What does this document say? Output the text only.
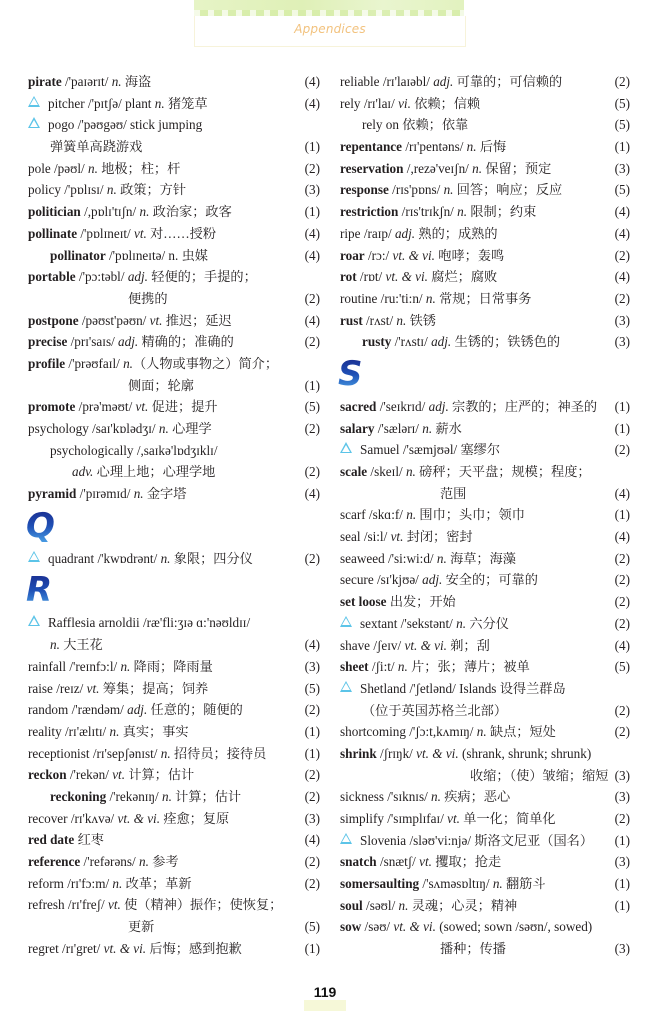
Appendices
pirate /'paɪərɪt/ n. 海盗	(4)
pitcher /'pɪtʃə/ plant n. 猪笼草	(4)
pogo /'pəʊgəʊ/ stick jumping
弹簧单高跷游戏	(1)
pole /pəʊl/ n. 地极；柱；杆	(2)
policy /'pɒlɪsɪ/ n. 政策；方针	(3)
politician /,pɒlɪ'tɪʃn/ n. 政治家；政客	(1)
pollinate /'pɒlɪneɪt/ vt. 对……授粉	(4)
pollinator /'pɒlɪneɪtə/ n. 虫媒	(4)
portable /'pɔ:təbl/ adj. 轻便的；手提的；
便携的	(2)
postpone /pəʊst'pəʊn/ vt. 推迟；延迟	(4)
precise /prɪ'saɪs/ adj. 精确的；准确的	(2)
profile /'prəʊfaɪl/ n.（人物或事物之）简介；
侧面；轮廓	(1)
promote /prə'məʊt/ vt. 促进；提升	(5)
psychology /saɪ'kɒlədʒɪ/ n. 心理学	(2)
psychologically /,saɪkə'lɒdʒɪklɪ/
adv. 心理上地；心理学地	(2)
pyramid /'pɪrəmɪd/ n. 金字塔	(4)
Q
quadrant /'kwɒdrənt/ n. 象限；四分仪	(2)
R
Rafflesia arnoldii /ræ'fli:ʒɪə ɑ:'nəʊldɪɪ/
n. 大王花	(4)
rainfall /'reɪnfɔ:l/ n. 降雨；降雨量	(3)
raise /reɪz/ vt. 筹集；提高；饲养	(5)
random /'rændəm/ adj. 任意的；随便的	(2)
reality /rɪ'ælɪtɪ/ n. 真实；事实	(1)
receptionist /rɪ'sepʃənɪst/ n. 招待员；接待员	(1)
reckon /'rekən/ vt. 计算；估计	(2)
reckoning /'rekənɪŋ/ n. 计算；估计	(2)
recover /rɪ'kʌvə/ vt. & vi. 痊愈；复原	(3)
red date 红枣	(4)
reference /'refərəns/ n. 参考	(2)
reform /rɪ'fɔ:m/ n. 改革；革新	(2)
refresh /rɪ'freʃ/ vt. 使（精神）振作；使恢复；
更新	(5)
regret /rɪ'gret/ vt. & vi. 后悔；感到抱歉	(1)
reliable /rɪ'laɪəbl/ adj. 可靠的；可信赖的	(2)
rely /rɪ'laɪ/ vi. 依赖；信赖	(5)
rely on 依赖；依靠	(5)
repentance /rɪ'pentəns/ n. 后悔	(1)
reservation /,rezə'veɪʃn/ n. 保留；预定	(3)
response /rɪs'pɒns/ n. 回答；响应；反应	(5)
restriction /rɪs'trɪkʃn/ n. 限制；约束	(4)
ripe /raɪp/ adj. 熟的；成熟的	(4)
roar /rɔ:/ vt. & vi. 咆哮；轰鸣	(2)
rot /rɒt/ vt. & vi. 腐烂；腐败	(4)
routine /ru:'ti:n/ n. 常规；日常事务	(2)
rust /rʌst/ n. 铁锈	(3)
rusty /'rʌstɪ/ adj. 生锈的；铁锈色的	(3)
S
sacred /'seɪkrɪd/ adj. 宗教的；庄严的；神圣的 (1)
salary /'sælərɪ/ n. 薪水	(1)
Samuel /'sæmjʊəl/ 塞缪尔	(2)
scale /skeɪl/ n. 磅秤；天平盘；规模；程度；
范围	(4)
scarf /skɑ:f/ n. 围巾；头巾；领巾	(1)
seal /si:l/ vt. 封闭；密封	(4)
seaweed /'si:wi:d/ n. 海草；海藻	(2)
secure /sɪ'kjʊə/ adj. 安全的；可靠的	(2)
set loose 出发；开始	(2)
sextant /'sekstənt/ n. 六分仪	(2)
shave /ʃeɪv/ vt. & vi. 剃；刮	(4)
sheet /ʃi:t/ n. 片；张；薄片；被单	(5)
Shetland /'ʃetlənd/ Islands 设得兰群岛
（位于英国苏格兰北部）	(2)
shortcoming /'ʃɔ:t,kʌmɪŋ/ n. 缺点；短处	(2)
shrink /ʃrɪŋk/ vt. & vi. (shrank, shrunk; shrunk)
收缩；（使）皱缩；缩短 (3)
sickness /'sɪknɪs/ n. 疾病；恶心	(3)
simplify /'sɪmplɪfaɪ/ vt. 单一化；简单化	(2)
Slovenia /sləʊ'vi:njə/ 斯洛文尼亚（国名） (1)
snatch /snætʃ/ vt. 攫取；抢走	(3)
somersaulting /'sʌməsɒltɪŋ/ n. 翻筋斗	(1)
soul /səʊl/ n. 灵魂；心灵；精神	(1)
sow /səʊ/ vt. & vi. (sowed; sown /səʊn/, sowed)
播种；传播	(3)
119
